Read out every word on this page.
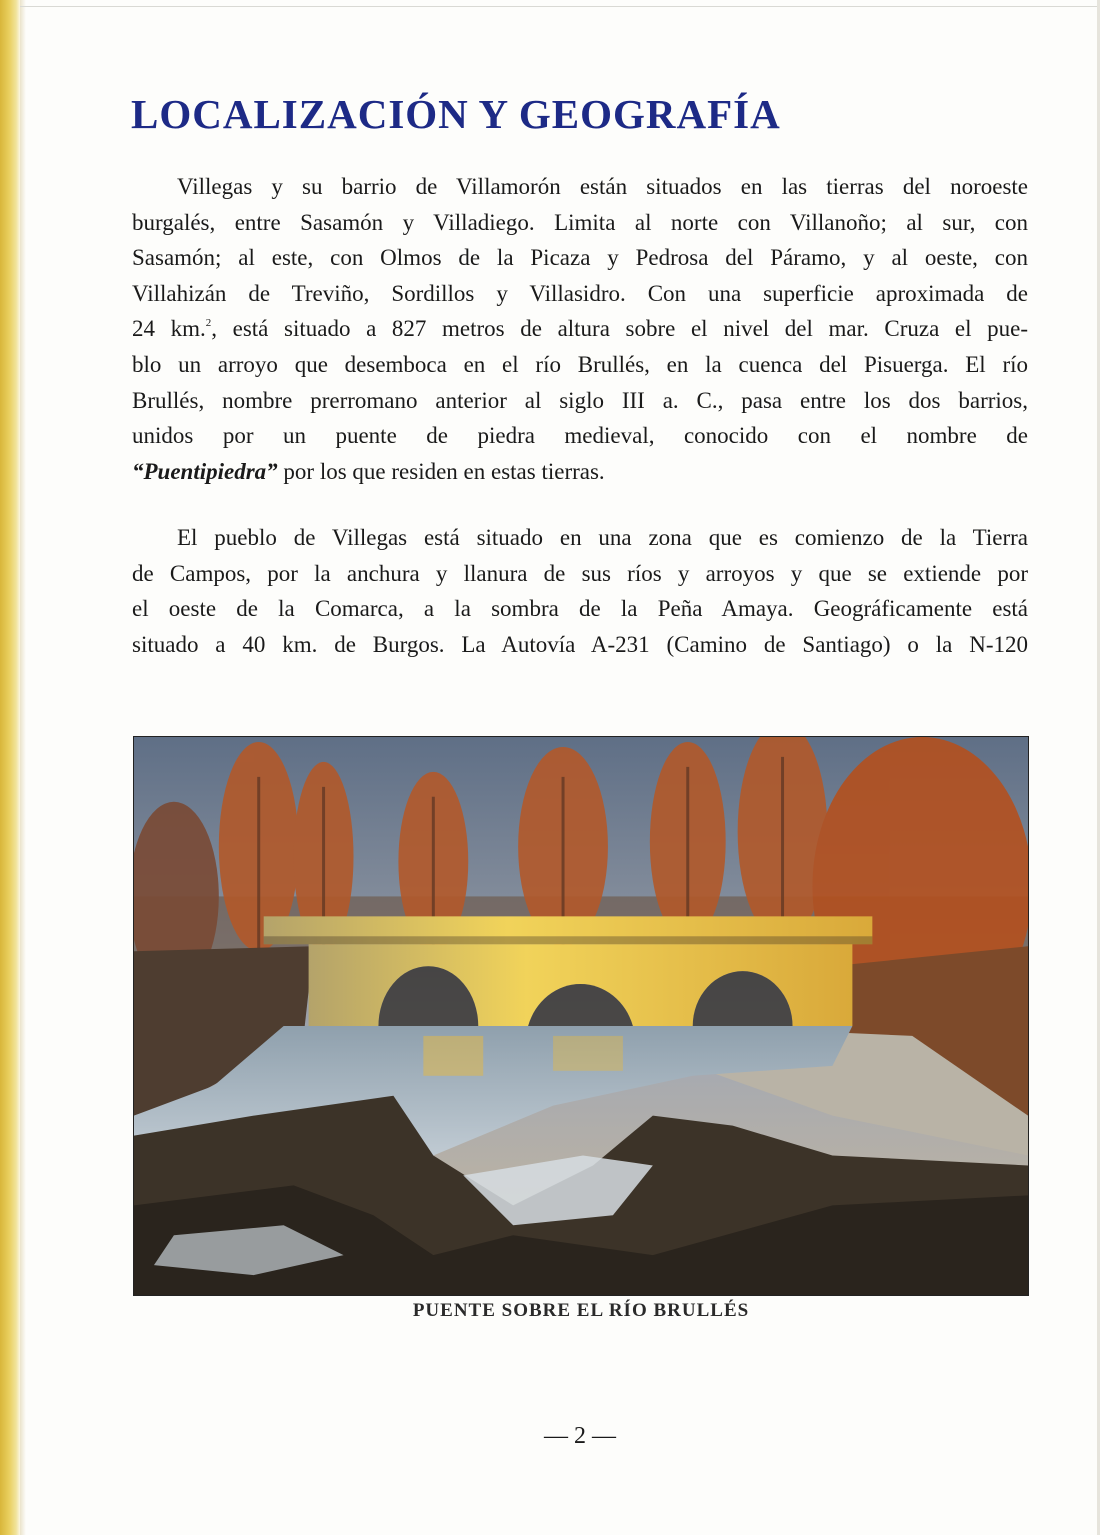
LOCALIZACIÓN Y GEOGRAFÍA

Villegas y su barrio de Villamorón están situados en las tierras del noroeste
burgalés, entre Sasamón y Villadiego. Limita al norte con Villanoño; al sur, con
Sasamón; al este, con Olmos de la Picaza y Pedrosa del Páramo, y al oeste, con
Villahizán de Treviño, Sordillos y Villasidro. Con una superficie aproximada de
24 km.$^2$, está situado a 827 metros de altura sobre el nivel del mar. Cruza el pue-
blo un arroyo que desemboca en el río Brullés, en la cuenca del Pisuerga. El río
Brullés, nombre prerromano anterior al siglo III a. C., pasa entre los dos barrios,
unidos por un puente de piedra medieval, conocido con el nombre de
“Puentipiedra” por los que residen en estas tierras.

El pueblo de Villegas está situado en una zona que es comienzo de la Tierra
de Campos, por la anchura y llanura de sus ríos y arroyos y que se extiende por
el oeste de la Comarca, a la sombra de la Peña Amaya. Geográficamente está
situado a 40 km. de Burgos. La Autovía A-231 (Camino de Santiago) o la N-120

PUENTE SOBRE EL RÍO BRULLÉS

— 2 —
